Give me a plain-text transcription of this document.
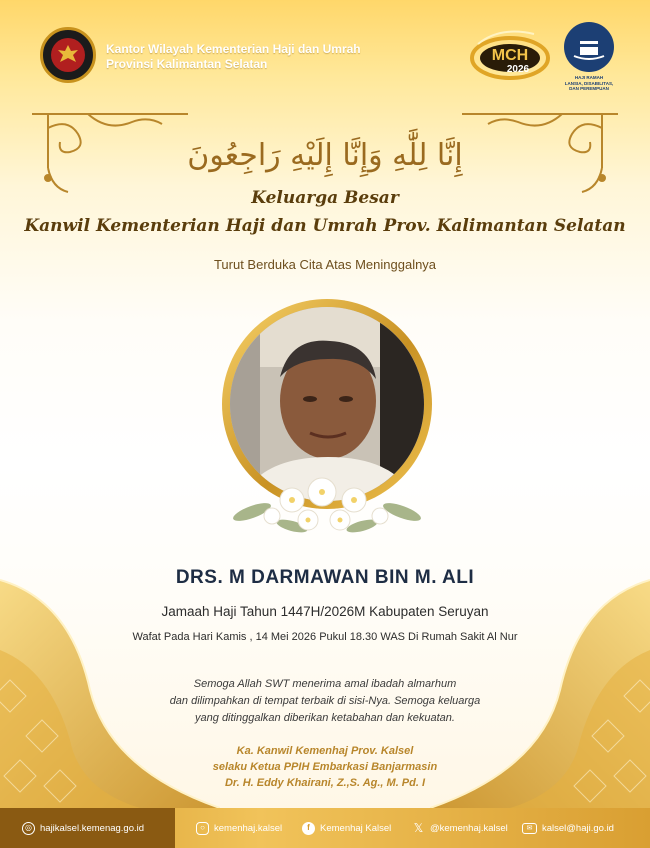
Kantor Wilayah Kementerian Haji dan Umrah
Provinsi Kalimantan Selatan	MCH
2026
HAJI RAMAH
LANSIA, DISABILITAS,
DAN PEREMPUAN
إِنَّا لِلَّٰهِ وَإِنَّا إِلَيْهِ رَاجِعُونَ
Keluarga Besar
Kanwil Kementerian Haji dan Umrah Prov. Kalimantan Selatan
Turut Berduka Cita Atas Meninggalnya
DRS. M DARMAWAN BIN M. ALI
Jamaah Haji Tahun 1447H/2026M Kabupaten Seruyan
Wafat Pada Hari Kamis , 14 Mei 2026 Pukul 18.30 WAS Di Rumah Sakit Al Nur
Semoga Allah SWT menerima amal ibadah almarhum
dan dilimpahkan di tempat terbaik di sisi-Nya. Semoga keluarga
yang ditinggalkan diberikan ketabahan dan kekuatan.
Ka. Kanwil Kemenhaj Prov. Kalsel
selaku Ketua PPIH Embarkasi Banjarmasin
Dr. H. Eddy Khairani, Z.,S. Ag., M. Pd. I
◎ hajikalsel.kemenag.go.id	○ kemenhaj.kalsel	f	Kemenhaj Kalsel 𝕏 @kemenhaj.kalsel	✉	kalsel@haji.go.id
